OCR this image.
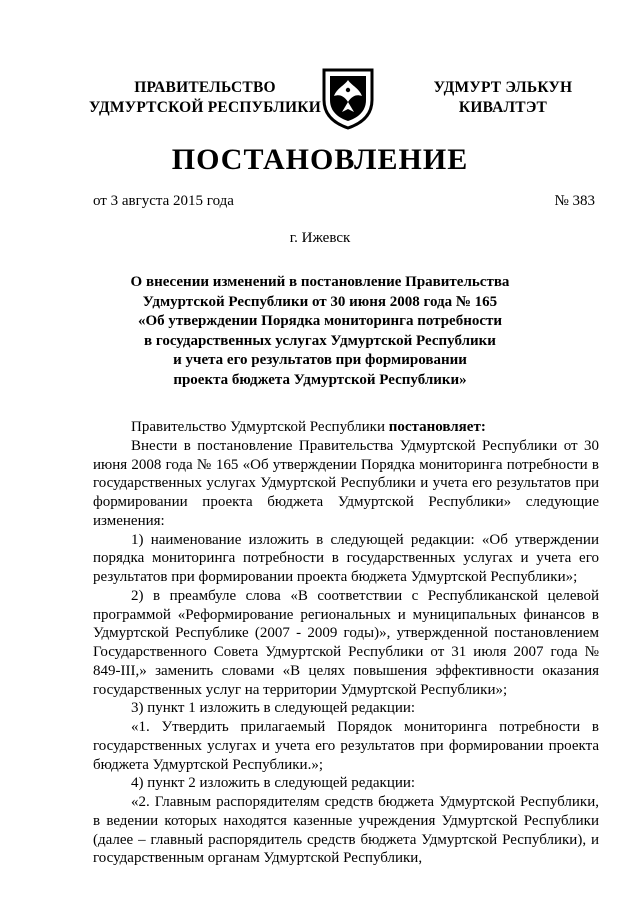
ПРАВИТЕЛЬСТВО
УДМУРТСКОЙ РЕСПУБЛИКИ
УДМУРТ ЭЛЬКУН
КИВАЛТЭТ
ПОСТАНОВЛЕНИЕ
от 3 августа 2015 года	№ 383
г. Ижевск
О внесении изменений в постановление Правительства
Удмуртской Республики от 30 июня 2008 года № 165
«Об утверждении Порядка мониторинга потребности
в государственных услугах Удмуртской Республики
и учета его результатов при формировании
проекта бюджета Удмуртской Республики»
Правительство Удмуртской Республики постановляет:
Внести в постановление Правительства Удмуртской Республики от 30 июня 2008 года № 165 «Об утверждении Порядка мониторинга потребности в государственных услугах Удмуртской Республики и учета его результатов при формировании проекта бюджета Удмуртской Республики» следующие изменения:
1) наименование изложить в следующей редакции: «Об утверждении порядка мониторинга потребности в государственных услугах и учета его результатов при формировании проекта бюджета Удмуртской Республики»;
2) в преамбуле слова «В соответствии с Республиканской целевой программой «Реформирование региональных и муниципальных финансов в Удмуртской Республике (2007 - 2009 годы)», утвержденной постановлением Государственного Совета Удмуртской Республики от 31 июля 2007 года № 849-III,» заменить словами «В целях повышения эффективности оказания государственных услуг на территории Удмуртской Республики»;
3) пункт 1 изложить в следующей редакции:
«1. Утвердить прилагаемый Порядок мониторинга потребности в государственных услугах и учета его результатов при формировании проекта бюджета Удмуртской Республики.»;
4) пункт 2 изложить в следующей редакции:
«2. Главным распорядителям средств бюджета Удмуртской Республики, в ведении которых находятся казенные учреждения Удмуртской Республики (далее – главный распорядитель средств бюджета Удмуртской Республики), и государственным органам Удмуртской Республики,
